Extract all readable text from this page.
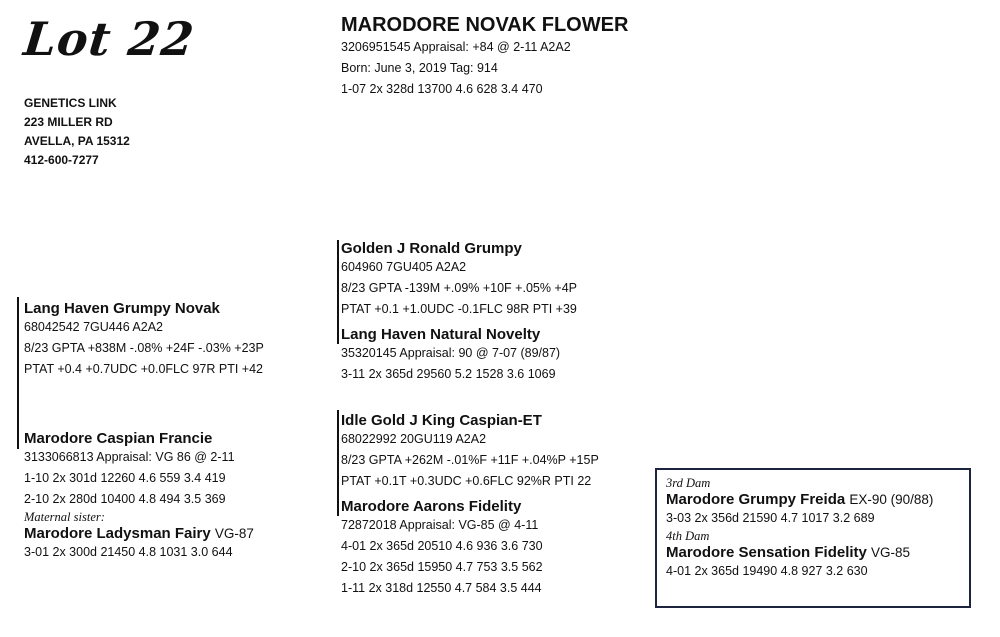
Lot 22
GENETICS LINK
223 MILLER RD
AVELLA, PA 15312
412-600-7277
MARODORE NOVAK FLOWER
3206951545 Appraisal: +84 @ 2-11 A2A2
Born: June 3, 2019 Tag: 914
1-07 2x 328d 13700 4.6 628 3.4 470
Lang Haven Grumpy Novak
68042542 7GU446 A2A2
8/23 GPTA +838M -.08% +24F -.03% +23P
PTAT +0.4 +0.7UDC +0.0FLC 97R PTI +42
Golden J Ronald Grumpy
604960 7GU405 A2A2
8/23 GPTA -139M +.09% +10F +.05% +4P
PTAT +0.1 +1.0UDC -0.1FLC 98R PTI +39
Lang Haven Natural Novelty
35320145 Appraisal: 90 @ 7-07 (89/87)
3-11 2x 365d 29560 5.2 1528 3.6 1069
Marodore Caspian Francie
3133066813 Appraisal: VG 86 @ 2-11
1-10 2x 301d 12260 4.6 559 3.4 419
2-10 2x 280d 10400 4.8 494 3.5 369
Maternal sister:
Marodore Ladysman Fairy VG-87
3-01 2x 300d 21450 4.8 1031 3.0 644
Idle Gold J King Caspian-ET
68022992 20GU119 A2A2
8/23 GPTA +262M -.01%F +11F +.04%P +15P
PTAT +0.1T +0.3UDC +0.6FLC 92%R PTI 22
Marodore Aarons Fidelity
72872018 Appraisal: VG-85 @ 4-11
4-01 2x 365d 20510 4.6 936 3.6 730
2-10 2x 365d 15950 4.7 753 3.5 562
1-11 2x 318d 12550 4.7 584 3.5 444
3rd Dam
Marodore Grumpy Freida EX-90 (90/88)
3-03 2x 356d 21590 4.7 1017 3.2 689
4th Dam
Marodore Sensation Fidelity VG-85
4-01 2x 365d 19490 4.8 927 3.2 630
